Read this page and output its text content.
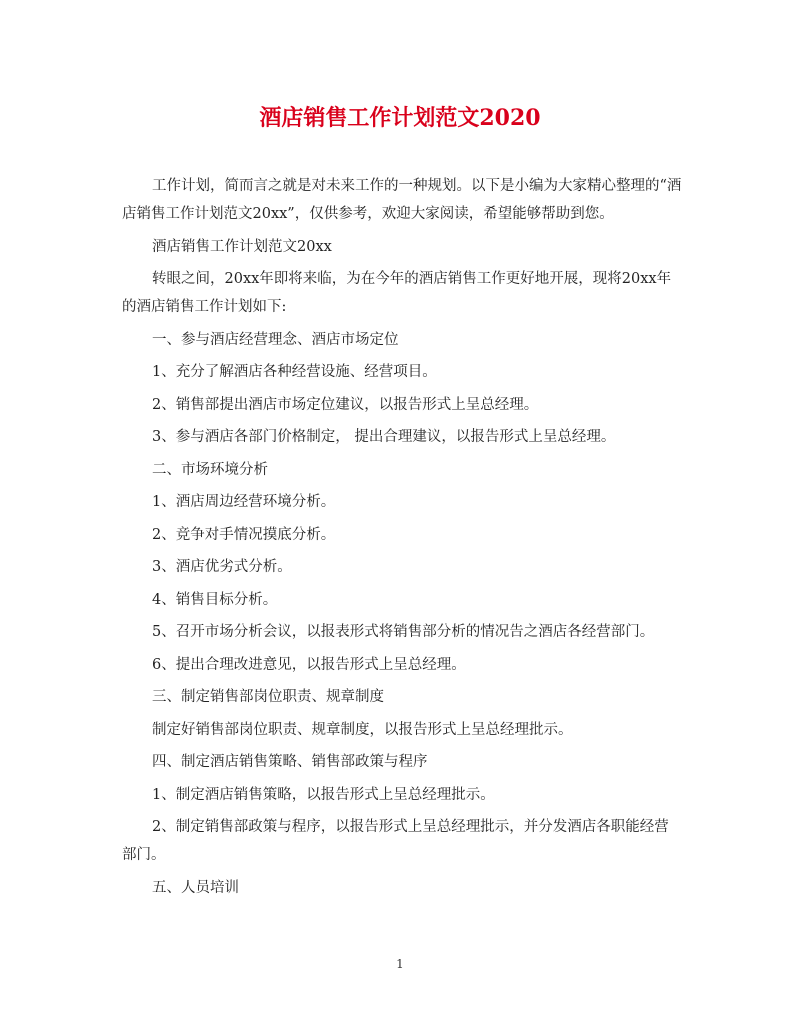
酒店销售工作计划范文2020

工作计划，简而言之就是对未来工作的一种规划。以下是小编为大家精心整理的“酒店销售工作计划范文20xx”，仅供参考，欢迎大家阅读，希望能够帮助到您。

酒店销售工作计划范文20xx

转眼之间，20xx年即将来临，为在今年的酒店销售工作更好地开展，现将20xx年的酒店销售工作计划如下:

一、参与酒店经营理念、酒店市场定位

1、充分了解酒店各种经营设施、经营项目。

2、销售部提出酒店市场定位建议，以报告形式上呈总经理。

3、参与酒店各部门价格制定， 提出合理建议，以报告形式上呈总经理。

二、市场环境分析

1、酒店周边经营环境分析。

2、竞争对手情况摸底分析。

3、酒店优劣式分析。

4、销售目标分析。

5、召开市场分析会议，以报表形式将销售部分析的情况告之酒店各经营部门。

6、提出合理改进意见，以报告形式上呈总经理。

三、制定销售部岗位职责、规章制度

制定好销售部岗位职责、规章制度，以报告形式上呈总经理批示。

四、制定酒店销售策略、销售部政策与程序

1、制定酒店销售策略，以报告形式上呈总经理批示。

2、制定销售部政策与程序，以报告形式上呈总经理批示，并分发酒店各职能经营部门。

五、人员培训

1
